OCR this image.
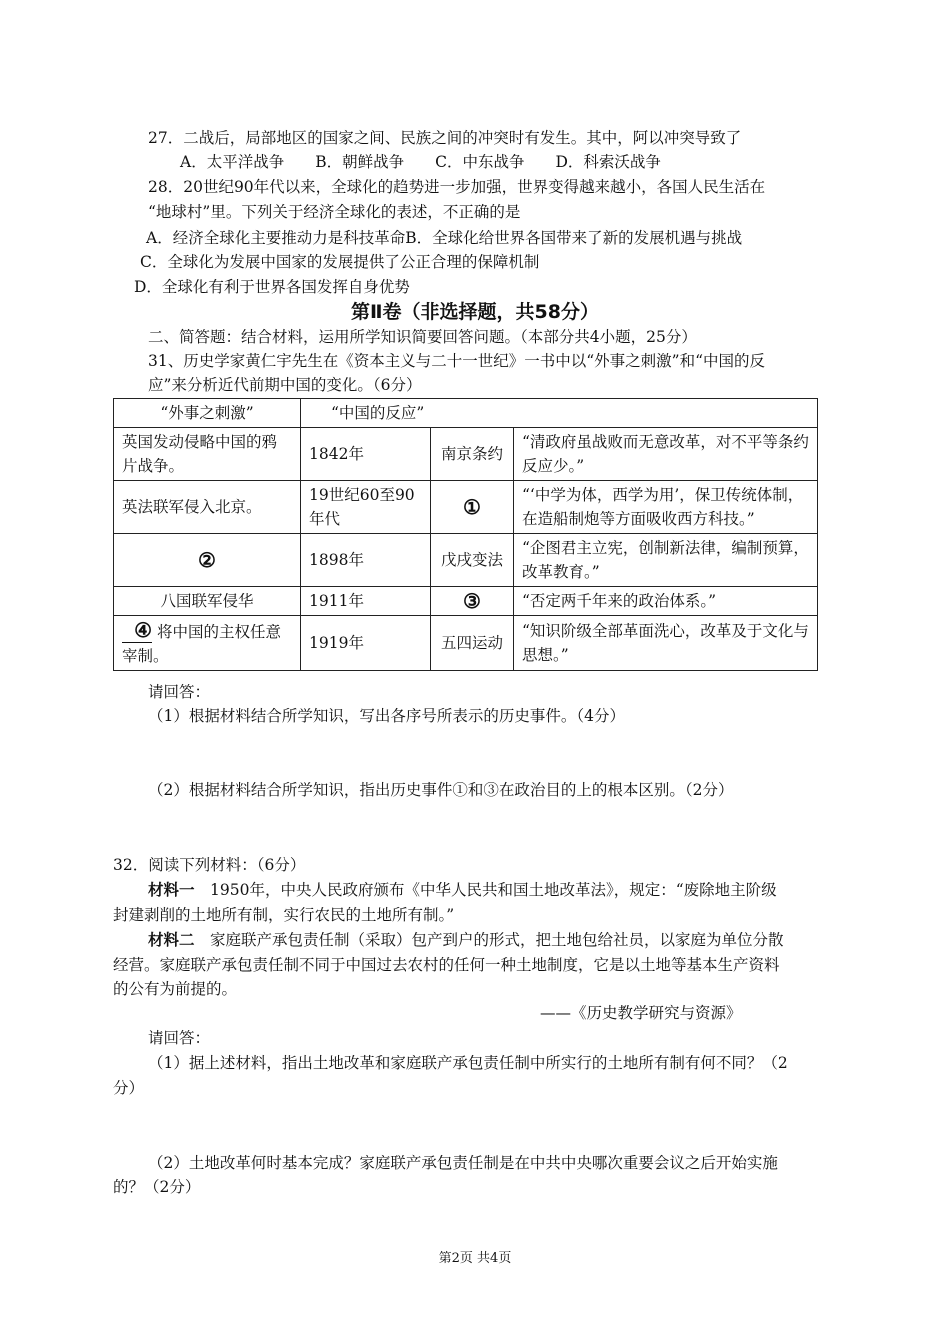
27．二战后，局部地区的国家之间、民族之间的冲突时有发生。其中，阿以冲突导致了
A．太平洋战争　　B．朝鲜战争　　C．中东战争　　D．科索沃战争
28．20世纪90年代以来，全球化的趋势进一步加强，世界变得越来越小，各国人民生活在
“地球村”里。下列关于经济全球化的表述，不正确的是
A．经济全球化主要推动力是科技革命B．全球化给世界各国带来了新的发展机遇与挑战
C．全球化为发展中国家的发展提供了公正合理的保障机制
D．全球化有利于世界各国发挥自身优势
第Ⅱ卷（非选择题，共58分）
二、简答题：结合材料，运用所学知识简要回答问题。（本部分共4小题，25分）
31、历史学家黄仁宇先生在《资本主义与二十一世纪》一书中以“外事之刺激”和“中国的反
应”来分析近代前期中国的变化。（6分）
“外事之刺激”	“中国的反应”		
英国发动侵略中国的鸦片战争。	1842年	南京条约	“清政府虽战败而无意改革，对不平等条约反应少。”
英法联军侵入北京。	19世纪60至90年代	①	“‘中学为体，西学为用’，保卫传统体制，在造船制炮等方面吸收西方科技。”
②	1898年	戊戌变法	“企图君主立宪，创制新法律，编制预算，改革教育。”
八国联军侵华	1911年	③	“否定两千年来的政治体系。”
④ 将中国的主权任意宰制。	1919年	五四运动	“知识阶级全部革面洗心，改革及于文化与思想。”
请回答：
（1）根据材料结合所学知识，写出各序号所表示的历史事件。（4分）
（2）根据材料结合所学知识，指出历史事件①和③在政治目的上的根本区别。（2分）
32．阅读下列材料：（6分）
材料一　1950年，中央人民政府颁布《中华人民共和国土地改革法》，规定：“废除地主阶级
封建剥削的土地所有制，实行农民的土地所有制。”
材料二　家庭联产承包责任制（采取）包产到户的形式，把土地包给社员，以家庭为单位分散
经营。家庭联产承包责任制不同于中国过去农村的任何一种土地制度，它是以土地等基本生产资料
的公有为前提的。
——《历史教学研究与资源》
请回答：
（1）据上述材料，指出土地改革和家庭联产承包责任制中所实行的土地所有制有何不同？（2
分）
（2）土地改革何时基本完成？家庭联产承包责任制是在中共中央哪次重要会议之后开始实施
的？（2分）
第2页 共4页
